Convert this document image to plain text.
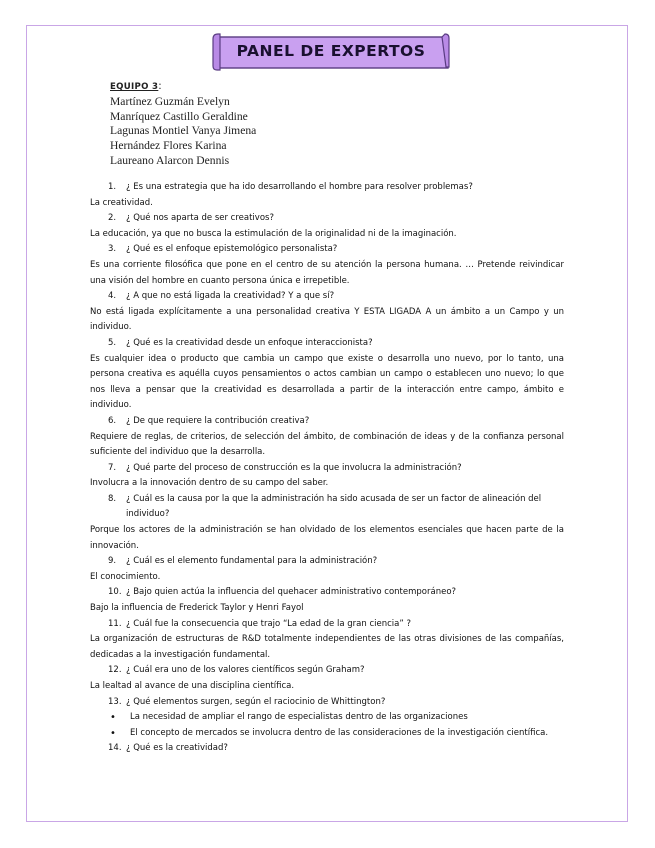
PANEL DE EXPERTOS
EQUIPO 3:
Martínez Guzmán Evelyn
Manríquez Castillo Geraldine
Lagunas Montiel Vanya Jimena
Hernández Flores Karina
Laureano Alarcon Dennis

1. ¿ Es una estrategia que ha ido desarrollando el hombre para resolver problemas?

La creatividad.

2. ¿ Qué nos aparta de ser creativos?

La educación, ya que no busca la estimulación de la originalidad ni de la imaginación.

3. ¿ Qué es el enfoque epistemológico personalista?

Es una corriente filosófica que pone en el centro de su atención la persona humana. … Pretende reivindicar una visión del hombre en cuanto persona única e irrepetible.

4. ¿ A que no está ligada la creatividad? Y a que sí?

No está ligada explícitamente a una personalidad creativa Y ESTA LIGADA A un ámbito a un Campo y un individuo.

5. ¿ Qué es la creatividad desde un enfoque interaccionista?

Es cualquier idea o producto que cambia un campo que existe o desarrolla uno nuevo, por lo tanto, una persona creativa es aquélla cuyos pensamientos o actos cambian un campo o establecen uno nuevo; lo que nos lleva a pensar que la creatividad es desarrollada a partir de la interacción entre campo, ámbito e individuo.

6. ¿ De que requiere la contribución creativa?

Requiere de reglas, de criterios, de selección del ámbito, de combinación de ideas y de la confianza personal suficiente del individuo que la desarrolla.

7. ¿ Qué parte del proceso de construcción es la que involucra la administración?

Involucra a la innovación dentro de su campo del saber.

8. ¿ Cuál es la causa por la que la administración ha sido acusada de ser un factor de alineación del individuo?

Porque los actores de la administración se han olvidado de los elementos esenciales que hacen parte de la innovación.

9. ¿ Cuál es el elemento fundamental para la administración?

El conocimiento.

10. ¿ Bajo quien actúa la influencia del quehacer administrativo contemporáneo?

Bajo la influencia de Frederick Taylor y Henri Fayol

11. ¿ Cuál fue la consecuencia que trajo “La edad de la gran ciencia” ?

La organización de estructuras de R&D totalmente independientes de las otras divisiones de las compañías, dedicadas a la investigación fundamental.

12. ¿ Cuál era uno de los valores científicos según Graham?

La lealtad al avance de una disciplina científica.

13. ¿ Qué elementos surgen, según el raciocinio de Whittington?

• La necesidad de ampliar el rango de especialistas dentro de las organizaciones
• El concepto de mercados se involucra dentro de las consideraciones de la investigación científica.

14. ¿ Qué es la creatividad?
